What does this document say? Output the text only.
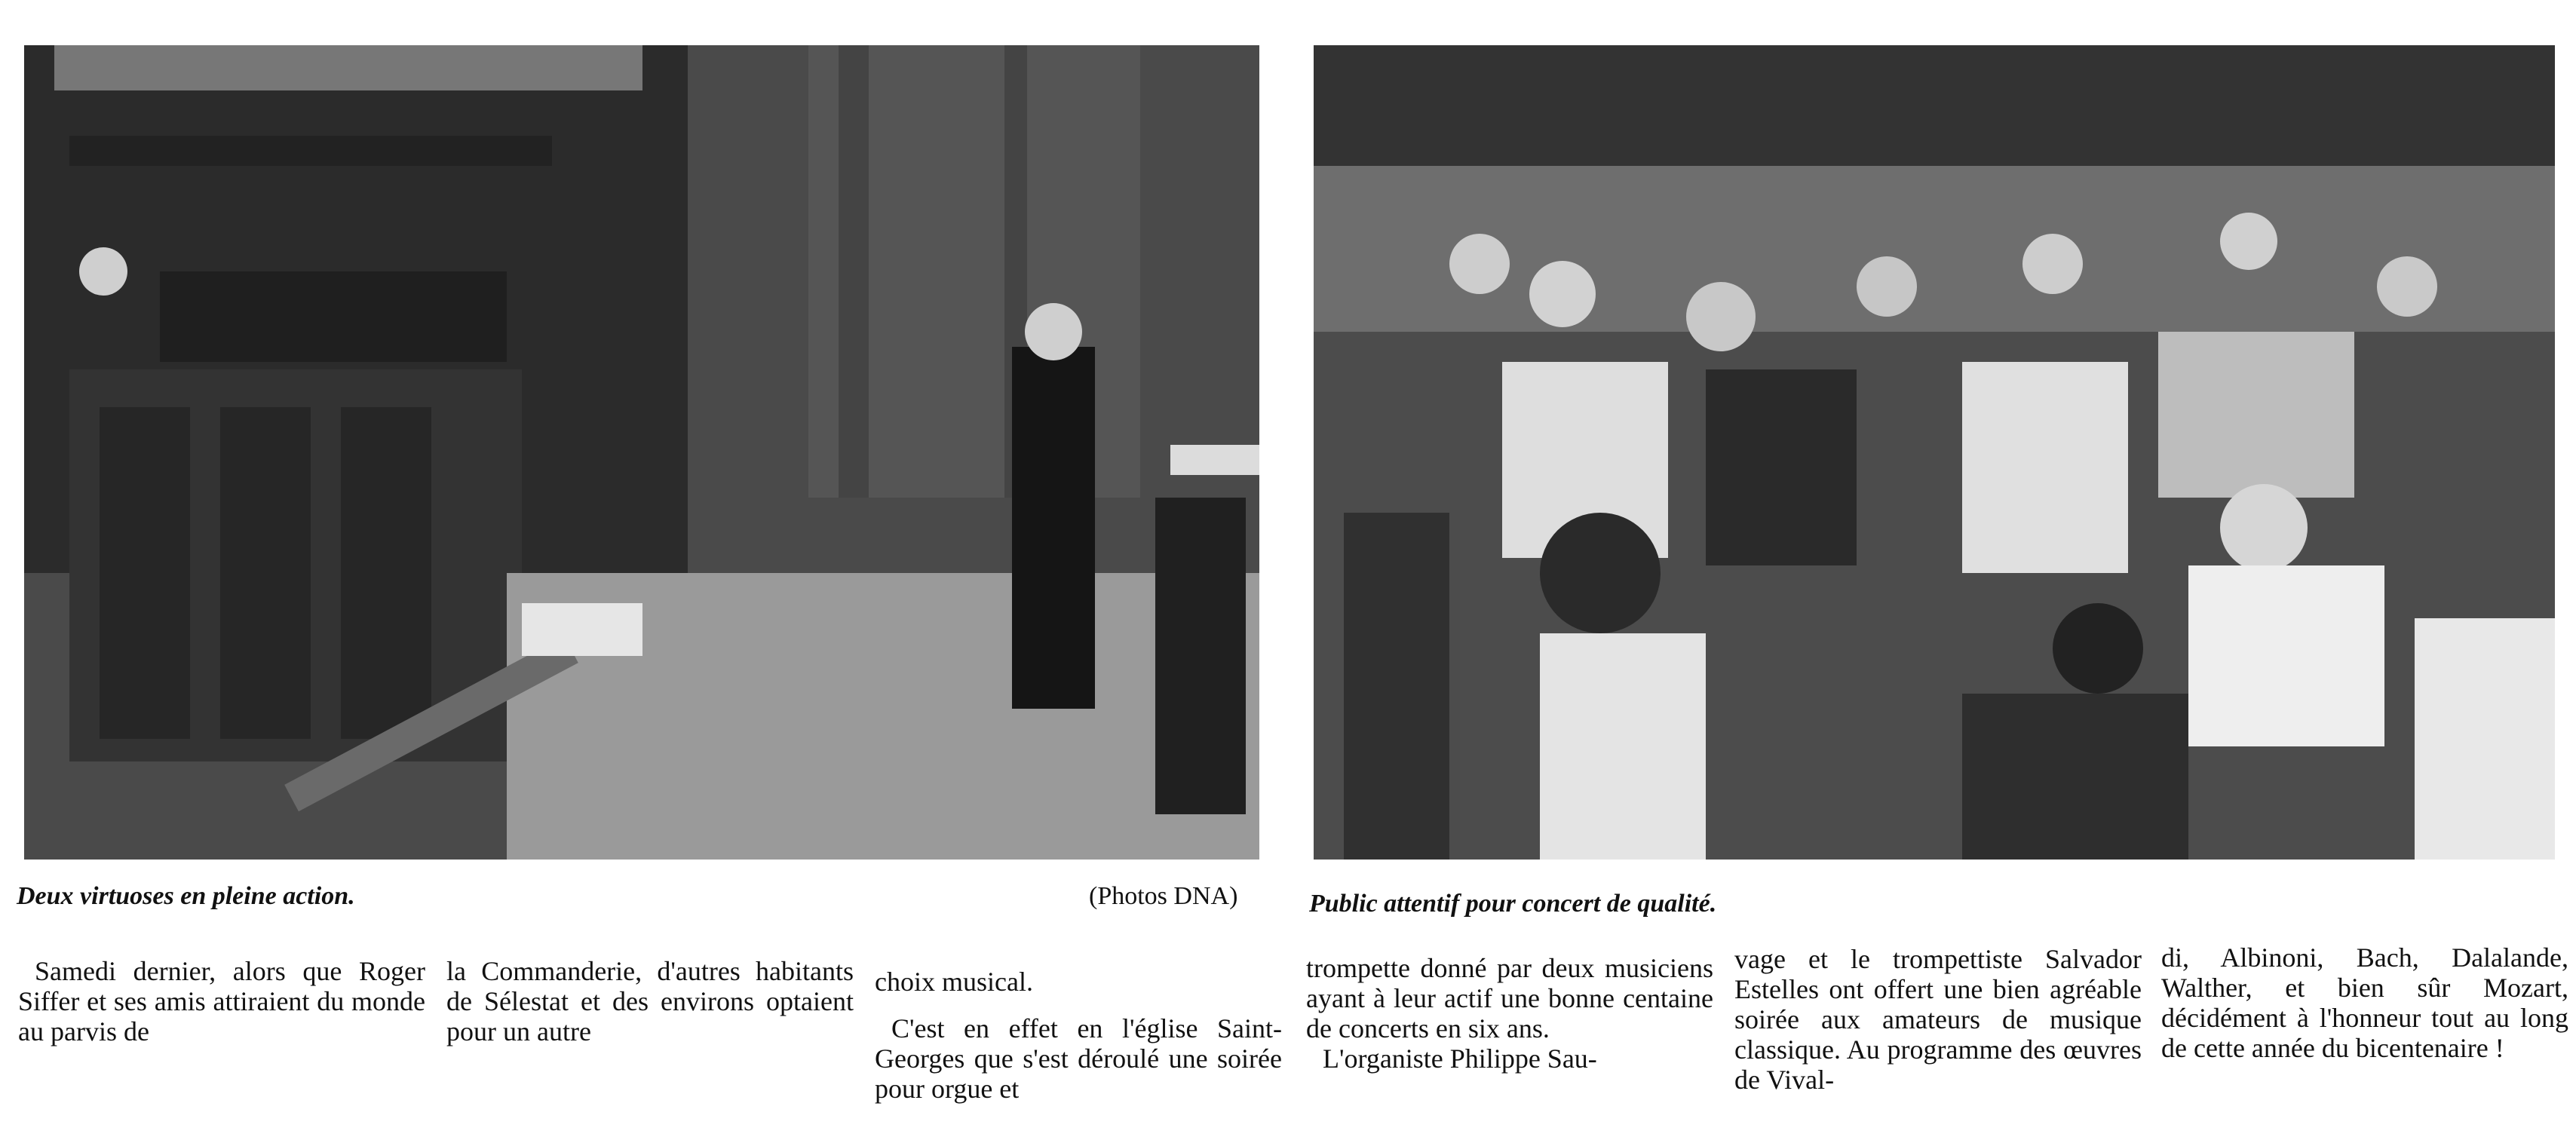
Deux virtuoses en pleine action.	(Photos DNA)	Public attentif pour concert de qualité.

Samedi dernier, alors que Roger Siffer et ses amis attiraient du monde au parvis de

la Commanderie, d'autres habitants de Sélestat et des environs optaient pour un autre

choix musical.

C'est en effet en l'église Saint-Georges que s'est déroulé une soirée pour orgue et

trompette donné par deux musiciens ayant à leur actif une bonne centaine de concerts en six ans.

L'organiste Philippe Sau-

vage et le trompettiste Salvador Estelles ont offert une bien agréable soirée aux amateurs de musique classique. Au programme des œuvres de Vival-

di, Albinoni, Bach, Dalalande, Walther, et bien sûr Mozart, décidément à l'honneur tout au long de cette année du bicentenaire !
